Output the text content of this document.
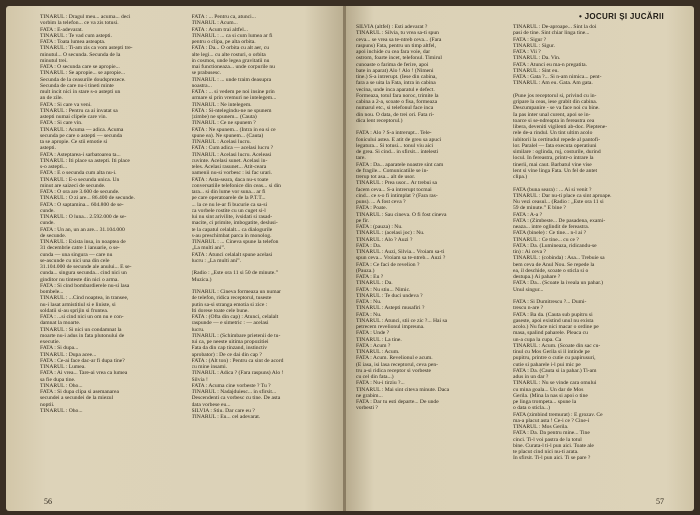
TINARUL : Dragul meu... acuma... deci
vorbim la telefon... ce va zis totusi.
FATA : E-adevarat.
TINARUL : Te vad cum astepti.
FATA : Toata lumea asteapta.
TINARUL : Ti-am zis ca vom astepti tre-
minutul... O secunda. Secunda de la
minutul trei.
FATA : O secunda care se apropie...
TINARUL : Se apropie... se apropie...
Secunda de la ceasurile doudsprezece.
Secunda de care nu-i tineti minte
mult incit nici in stare s-o astepti un
an de zile.
FATA : Si care va veni.
TINARUL : Pentru ca ai invatat sa
astepti numai clipele care vin.
FATA : Si care vin.
TINARUL : Acuma — adica. Acuma
secunda pe care o astepti — secunda
ta se apropie. Ce stii emotie si
astepti.
FATA : Asteptarea-i sarbatoarea ta...
TINARUL : Iti place sa astepti. Iti place
s-o astepti...
FATA : E o secunda cum alta nu-i.
TINARUL : E-o secunda unica. Un
minut are saizeci de secunde.
FATA : O ora are 3.600 de secunde.
TINARUL : O zi are... 86.400 de secunde.
FATA : O saptamina... 604.800 de se-
cunde.
TINARUL : O luna... 2.592.000 de se-
cunde.
FATA : Un an, un an are... 31.104.000
de secunde.
TINARUL : Exista insa, in noaptea de
31 decembrie catre 1 ianuarie, o se-
cunda — una singura — care nu
se-ascunde cu nici una din cele
31.104.000 de secunde ale anului... E se-
cunda... singura secunda... cind nici un
ginditor nu tinteste din nici o arma.
FATA : Si cind bombardierele nu-si lasa
bombele...
TINARUL : ...Cind noaptea, in transee,
nu-i lasat armistitiul si e liniste, si
soldatii si-au sprijin si fruntea.
FATA : ...si cind nici un om nu e con-
damnat la moarte.
TINARUL : Si nici un condamnat la
moarte nu-i adus in fata plutonului de
executie.
FATA : Si dupa...
TINARUL : Dupa acee...
FATA : Ce-ai face dac-ar fi dupa tine?
TINARUL : Lumea.
FATA : Ai vrea... Tare-ai vrea ca lumea
sa fie dupa tine.
TINARUL : Oho...
FATA : Si dupa clipa si asemanarea
secundei a secundei de la miezul
noptii.
TINARUL : Oho...
FATA : ... Pentru ca, atunci...
TINARUL : Acum...
FATA : Acum trai altfel...
TINARUL : ... ca si cum lumea ar fi
pentru o clipa, pe alta orbita.
FATA : Da... O orbita cu alt aer, cu
alte legi... cu alte rosturi, o orbita
in cosmos, unde legea gravitatii nu
mai functioneaza... unde corpurile nu
se prabusesc.
TINARUL : ... unde traim deasupra
noastra...
FATA : ... si vedem pe noi insine prin
urmare si prin vremuri ne intelegem...
TINARUL : Ne intelegem.
FATA : Si-ntelegindu-ne ne spunem
(zimbe) ne spunem... (Cauta)
TINARUL : Ce ne spunem ?
FATA : Ne spunem... (Intra in ea si ce
spune ea). Ne spunem... (Cauta)
TINARUL : Acelasi lucru.
FATA : Cum adica — acelasi lucru ?
TINARUL : Acelasi lucru. Aceleasi
cuvinte. Acelasi sunet. Acelasi in-
teles. Acelasi rasunet... Atit-ceara
oamenii nu-si vorbesc : isi fac urari.
FATA : Asta-seara, daca nu-s toate
conversatiile telefonice din ceas... si din
tara... si din lume vor suna... ar fi
pe care operatoarele de la P.T.T...
... la ce nu le-ar fi bucurie ca sa-si
ca vorbele rostite cu un cuget si-l
lui nu sint arivilite, ivsidati si rasad-
macite, ci primite, imbogatite, deslusi-
te la capatul celalalt... ca dialogurile
s-au preschimbat parca in monolog.
TINARUL : ... Cineva spune la telefon
„La multi ani”.
FATA : Atunci celalalt spune acelasi
lucru : „La multi ani”.

(Radio : „Este ora 11 si 50 de minute.”
Muzica.)

TINARUL : Cineva formeaza un numar
de telefon, ridica receptorul, tuseste
putin sa-si stranga emotia si zice :
Iti dorese toate cele bune.
FATA : (Ofta din cap) : Atunci, celalalt
raspunde — e simetric : — acelasi
lucru.
TINARUL : (Schimbare prietenii de tu-
tui ca, pe neeste uitima propozitiei
Fata da din cap tinzand, instinctiv
aprobator) : De ce dai din cap ?
FATA : (Alt ton) : Pentru ca sint de acord
cu mine insami.
TINARUL : Adica ? (Fara raspuns) Alo !
Silvia !
FATA : Acuma cine vorbeste ? Tu ?
TINARUL : Nadajduiesc... in sfirsit...
Descendenti ca vorbesc cu tine. De asta
data vorbese eu...
SILVIA : Stiu. Dar care eu ?
TINARUL : Eu... cel adevarat.
56
• JOCURI ȘI JUCĂRII
SILVIA (altfel) : Esti adevarat ?
TINARUL : Silvia, tu vrea sa-ti spun
ceva... se vrea sa te-ntreb ceva... (Fara
raspuns) Fata, pentru un timp altfel,
apoi inchide cu cea fara voie, dar
ostrom, foarte incet, telefonul. Timirul
cunoaste o farima de ferire, apoi
bate in aparat) Alo ! Alo ! (Nimeni
tine.) S-a intrerupt. (Iese din cabina,
fara a se uita la Fata, intra in cabina
vecina, unde inca aparatul e defect.
Formeaza, totul fara noroc, trimite la
cabina a 2-a, scoate o fisa, formeaza
numarul etc., si telefonul face inca
din nou. O data, de trei ori. Fata ri-
dica lent receptorul.)

FATA : Alo ? S-a intrerupt... Tele-
fonicului astea. E atit de greu sa apuci
legatura... Si totusi... tonul viu aici
de grea. Si cind... in sfirsit... intelesti
tare.
FATA : Da... aparatele noastre sint cam
de fragile... Comunicatiile se in-
trerup tot asa... alt de usor.
TINARUL : Prea usor... Ar trebui sa
facem ceva... S-a intrerupt tocmai
cind... ce s-o fi intimplat ? (Fara ras-
puns). ... A fost ceva ?
FATA : Poate.
TINARUL : Sau cineva. O fi fost cineva
pe fir.
FATA : (pauza) : Nu.
TINARUL : (acelasi joc) : Nu.
TINARUL : Alo ? Auzi ?
FATA : Da.
TINARUL : Auzi, Silvia... Vroiam sa-ti
spun ceva... Vroiam sa te-ntreb... Auzi ?
FATA : Ce faci de revelion ?
(Pauza.)
FATA : Eu ?
TINARUL : Da.
FATA : Nu stiu... Nimic.
TINARUL : Te duci undeva ?
FATA : Nu.
TINARUL : Astepti musafiri ?
FATA : Nu.
TINARUL : Atunci, stii ce zic ?... Hai sa
petrecem revelionul impreuna.
FATA : Unde ?
TINARUL : La tine.
FATA : Acum ?
TINARUL : Acum.
FATA : Acum. Revelionul e acum.
(E iasa, isi lasa receptorul, ceva pen-
tru a-si ridica receptor si vorbeste
cu cel din fata...)
FATA : Nu-i tirziu ?...
TINARUL : Mai sint citeva minute. Daca
ne grabim...
FATA : Dar tu esti departe... De unde
vorbesti ?
TINARUL : De-aproape... Sint la doi
pasi de tine. Sint chiar linga tine...
FATA : Sigur ?
TINARUL : Sigur.
FATA : Vii ?
TINARUL : Da. Vin.
FATA : Atunci eu ma-n pregatita.
TINARUL : Sint eu.
FATA : Gata ?... Si n-am nimica... pent-
TINARUL : Am eu. Gata. Am gata.

(Pune jos receptorul si, privind cu in-
gripare la ceas, iese grabit din cabina.
Descumpanire - se va face noi cu bine.
Ia pas inter unal curent, apoi se in-
toarce si se-ndreapta in fereastra cea
libera, deveniti vigilenti ab-doc. Pieptene-
rele de-a rindul. Un tint ultim acolo
iubitorii la certitudul repede al pantofi-
lor. Paralel — fata executa operatiuni
similare : oglinda, ruj, costurile, durind
locul. In fereastra, printr-o intrare la
tinerii, mai caut. Barbatul vine vise
lent si vine linga Fata. Un fel de antet
clipa.)

FATA (buna seara) : ... Ai si venit ?
TINARUL : Dar nu-ti place ca sint aproape.
Nu vezi ceasul... (Radio : „Este ora 11 si
59 de minute.” E bine ?
FATA : A-a ?
FATA : (Zimbeste... De pasadena, exami-
neaza... intre oglindit de fereastra.
FATA (binele) : Ce tine... n-l ai ?
TINARUL : Ce tine... cu ce ?
FATA : Da. (Lumineaza, ridicandu-se
tin) : Ai ceva ?
TINARUL : (cobinda) : Asa... Trebuie sa
bem ceva de Anul Nou. Se repede la
ea, il deschide, scoate o sticla si o
destupa.) Ai pahare ?
FATA : Da... (Scoate la iveala un pahar.)
Unul singur...

FATA : Si Dumitrescu ?... Dumi-
trescu n-are ?
FATA : Ba da. (Cauta sub pupitru si
gaseste, apoi existind unul nu exista
acolo.) Nu face nici macar o ordine pe
masa, spalind paharele. Pleaca cu
un-a cupa la cupa. Ca
TINARUL : Acum. (Scoate din sac cu-
tinul cu Mos Gerila si il intinde pe
pupitru, printre o cutie cu papirusuri,
cutie si paharele i-l pui mic pe
FATA : Da. (Cauta si ia pahar.) Ti-am
adus in un dar ?
TINARUL : Nu se vinde cara omului
cu mina goala... Un dar de Mos
Gerila. (Mina la nas si apoi o tine
pe linga trompeta... spune la
o data o sticla...)
FATA (zimbind tremurat) : E grozav. Ce
ma-a placut asta ! Ce-i ce ? Cine-i
TINARUL : Mos Gerila.
FATA : Da. Da pentru mine... Tine
cinci. Ti-l voi pastra de la totul
bine. Curata-l ti-l pun aici. Toate ale
te placut cind nici nu-ti arata.
In sfirsit. Ti-l pun aici. Ti se pare ?
57
